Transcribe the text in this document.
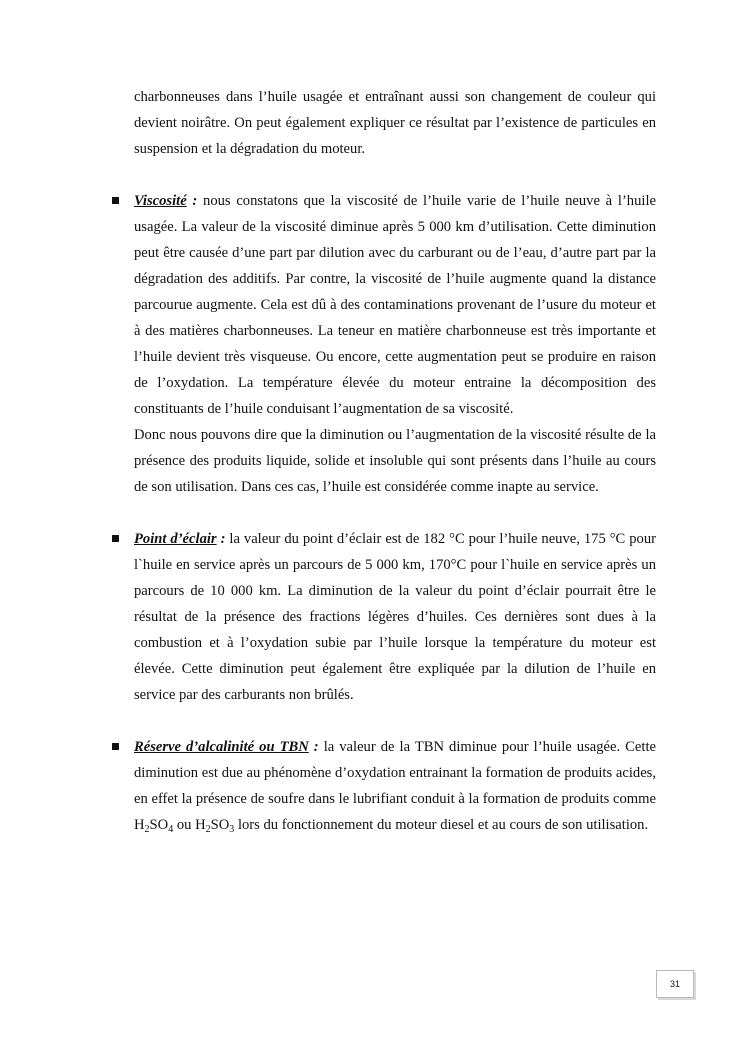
charbonneuses dans l’huile usagée et entraînant aussi son changement de couleur qui devient noirâtre. On peut également expliquer ce résultat par l’existence de particules en suspension et la dégradation du moteur.

Viscosité : nous constatons que la viscosité de l’huile varie de l’huile neuve à l’huile usagée. La valeur de la viscosité diminue après 5 000 km d’utilisation. Cette diminution peut être causée d’une part par dilution avec du carburant ou de l’eau, d’autre part par la dégradation des additifs. Par contre, la viscosité de l’huile augmente quand la distance parcourue augmente. Cela est dû à des contaminations provenant de l’usure du moteur et à des matières charbonneuses. La teneur en matière charbonneuse est très importante et l’huile devient très visqueuse. Ou encore, cette augmentation peut se produire en raison de l’oxydation. La température élevée du moteur entraine la décomposition des constituants de l’huile conduisant l’augmentation de sa viscosité.

Donc nous pouvons dire que la diminution ou l’augmentation de la viscosité résulte de la présence des produits liquide, solide et insoluble qui sont présents dans l’huile au cours de son utilisation. Dans ces cas, l’huile est considérée comme inapte au service.

Point d’éclair : la valeur du point d’éclair est de 182 °C pour l’huile neuve, 175 °C pour l`huile en service après un parcours de 5 000 km, 170°C pour l`huile en service après un parcours de 10 000 km. La diminution de la valeur du point d’éclair pourrait être le résultat de la présence des fractions légères d’huiles. Ces dernières sont dues à la combustion et à l’oxydation subie par l’huile lorsque la température du moteur est élevée. Cette diminution peut également être expliquée par la dilution de l’huile en service par des carburants non brûlés.

Réserve d’alcalinité ou TBN : la valeur de la TBN diminue pour l’huile usagée. Cette diminution est due au phénomène d’oxydation entrainant la formation de produits acides, en effet la présence de soufre dans le lubrifiant conduit à la formation de produits comme $H_2SO_4$ ou $H_2SO_3$ lors du fonctionnement du moteur diesel et au cours de son utilisation.

31
